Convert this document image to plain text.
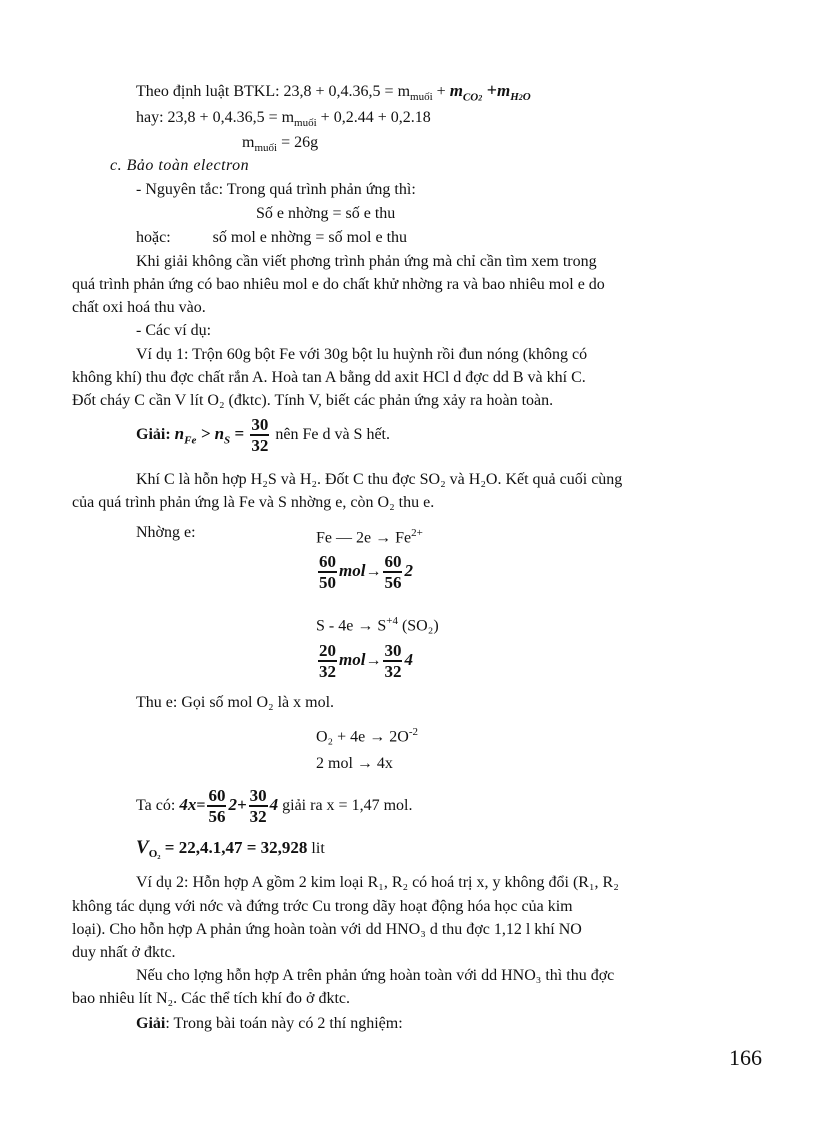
Theo định luật BTKL: $23,8 + 0,4.36,5 = m_{muối} + m_{CO2} +m_{H2O}$
hay: $23,8 + 0,4.36,5 = m_{muối} + 0,2.44 + 0,2.18$
$m_{muối} = 26g$
c. Bảo toàn electron
- Nguyên tắc: Trong quá trình phản ứng thì:
Số e nhờng = số e thu
hoặc:	số mol e nhờng = số mol e thu
Khi giải không cần viết phơng trình phản ứng mà chỉ cần tìm xem trong
quá trình phản ứng có bao nhiêu mol e do chất khử nhờng ra và bao nhiêu mol e do
chất oxi hoá thu vào.
- Các ví dụ:
Ví dụ 1: Trộn 60g bột Fe với 30g bột lu huỳnh rồi đun nóng (không có
không khí) thu đợc chất rắn A. Hoà tan A bằng dd axit HCl d đợc dd B và khí C.
Đốt cháy C cần V lít O₂ (đktc). Tính V, biết các phản ứng xảy ra hoàn toàn.
Giải: $n_{Fe} > n_S = \frac{30}{32}$ nên Fe d và S hết.
Khí C là hỗn hợp H₂S và H₂. Đốt C thu đợc SO₂ và H₂O. Kết quả cuối cùng
của quá trình phản ứng là Fe và S nhờng e, còn O₂ thu e.
Nhờng e:	Fe — $2e \to Fe^{2+}$
$\frac{60}{50} mol\to \frac{60}{56} 2$
$S - 4e \to S^{+4}$ (SO₂)
$\frac{20}{32} mol\to \frac{30}{32} 4$
Thu e: Gọi số mol O₂ là x mol.
$O_2 + 4e \to 2O^{-2}$
2 mol → 4x
Ta có: $4x= \frac{60}{56} 2+ \frac{30}{32} 4$ giải ra x = 1,47 mol.
$V_{O_2} = 22,4.1,47 = 32,928$ lit
Ví dụ 2: Hỗn hợp A gồm 2 kim loại R₁, R₂ có hoá trị x, y không đổi (R₁, R₂
không tác dụng với nớc và đứng trớc Cu trong dãy hoạt động hóa học của kim
loại). Cho hỗn hợp A phản ứng hoàn toàn với dd HNO₃ d thu đợc 1,12 l khí NO
duy nhất ở đktc.
Nếu cho lợng hỗn hợp A trên phản ứng hoàn toàn với dd HNO₃ thì thu đợc
bao nhiêu lít N₂. Các thể tích khí đo ở đktc.
Giải: Trong bài toán này có 2 thí nghiệm:
166
